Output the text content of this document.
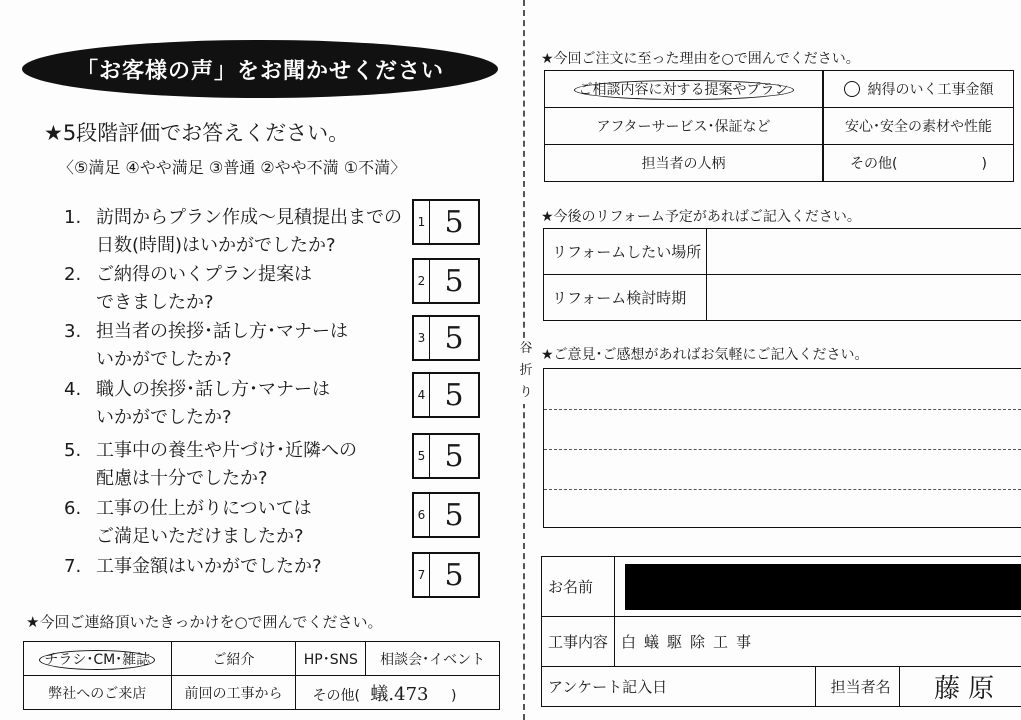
谷
折
り
「お客様の声」をお聞かせください
★5段階評価でお答えください。
〈⑤満足 ④やや満足 ③普通 ②やや不満 ①不満〉
1. 訪問からプラン作成～見積提出までの
日数(時間)はいかがでしたか?
1 5
2. ご納得のいくプラン提案は
できましたか?
2 5
3. 担当者の挨拶･話し方･マナーは
いかがでしたか?
3 5
4. 職人の挨拶･話し方･マナーは
いかがでしたか?
4 5
5. 工事中の養生や片づけ･近隣への
配慮は十分でしたか?
5 5
6. 工事の仕上がりについては
ご満足いただけましたか?
6 5
7. 工事金額はいかがでしたか?	7 5
★今回ご連絡頂いたきっかけを○で囲んでください。
チラシ･CM･雑誌	ご紹介	HP･SNS	相談会･イベント
弊社へのご来店	前回の工事から	その他( 蟻.473 )	
★今回ご注文に至った理由を○で囲んでください。
ご相談内容に対する提案やプラン	納得のいく工事金額
アフターサービス･保証など	安心･安全の素材や性能
担当者の人柄	その他(　　　　　　)
★今後のリフォーム予定があればご記入ください。
リフォームしたい場所	
リフォーム検討時期	
★ご意見･ご感想があればお気軽にご記入ください。
お名前			

工事内容	白蟻駆除工事		
アンケート記入日		担当者名	藤原
